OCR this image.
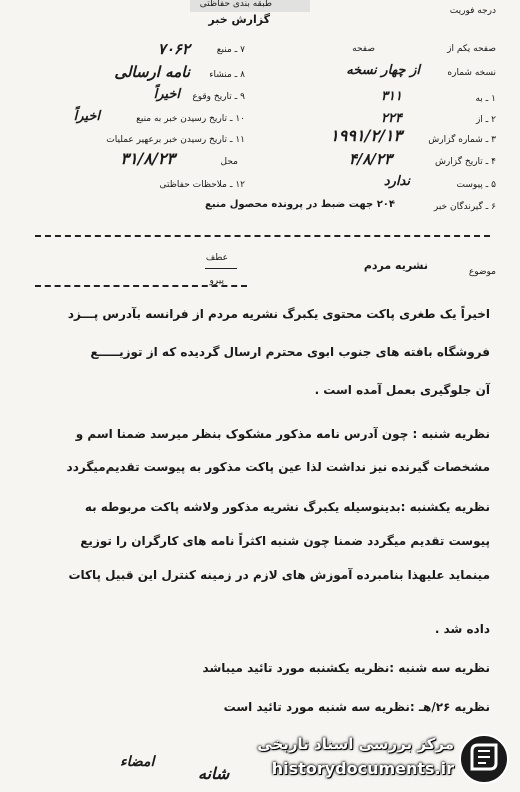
درجه فوریت
طبقه بندی حفاظتی
گزارش خبر
صفحه یکم از
صفحه
نسخه شماره
از چهار نسخه
۱ ـ به
۳۱۱
۲ ـ از
۲۲۴
۳ ـ شماره گزارش
۱۹۹۱/۲/۱۳
۴ ـ تاریخ گزارش
۴/۸/۲۳
۵ ـ پیوست
ندارد
۶ ـ گیرندگان خبر
۷ ـ منبع
۷۰۶۲
۸ ـ منشاء
نامه ارسالی
۹ ـ تاریخ وقوع
اخیراً
۱۰ ـ تاریخ رسیدن خبر به منبع
اخیراً
۱۱ ـ تاریخ رسیدن خبر برعهیر عملیات
محل
۳۱/۸/۲۳
۱۲ ـ ملاحظات حفاظتی
۲۰۴ جهت ضبط در پرونده محصول منبع
موضوع
نشریه مردم
عطف
پیرو
اخیراً یک طغری پاکت محتوی یکبرگ نشریه مردم از فرانسه بآدرس پـــزد
فروشگاه بافته های جنوب ابوی محترم ارسال گردیده که از توزیـــــع
آن جلوگیری بعمل آمده است .
نظریه شنبه : چون آدرس نامه مذکور مشکوک بنظر میرسد ضمنا اسم و
مشخصات گیرنده نیز نداشت لذا عین پاکت مذکور به پیوست تقدیم‌میگردد
نظریه یکشنبه :بدینوسیله یکبرگ نشریه مذکور ولاشه پاکت مربوطه به
پیوست تقدیم میگردد ضمنا چون شنبه اکثراً نامه های کارگران را توزیع
مینماید علیهذا بنامبرده آموزش های لازم در زمینه کنترل این قبیل پاکات
داده شد .
نظریه سه شنبه :نظریه یکشنبه مورد تائید میباشد
نظریه ۲۶/هـ :نظریه سه شنبه مورد تائید است
امضاء
شانه
مرکز بررسی اسناد تاریخی
historydocuments.ir
